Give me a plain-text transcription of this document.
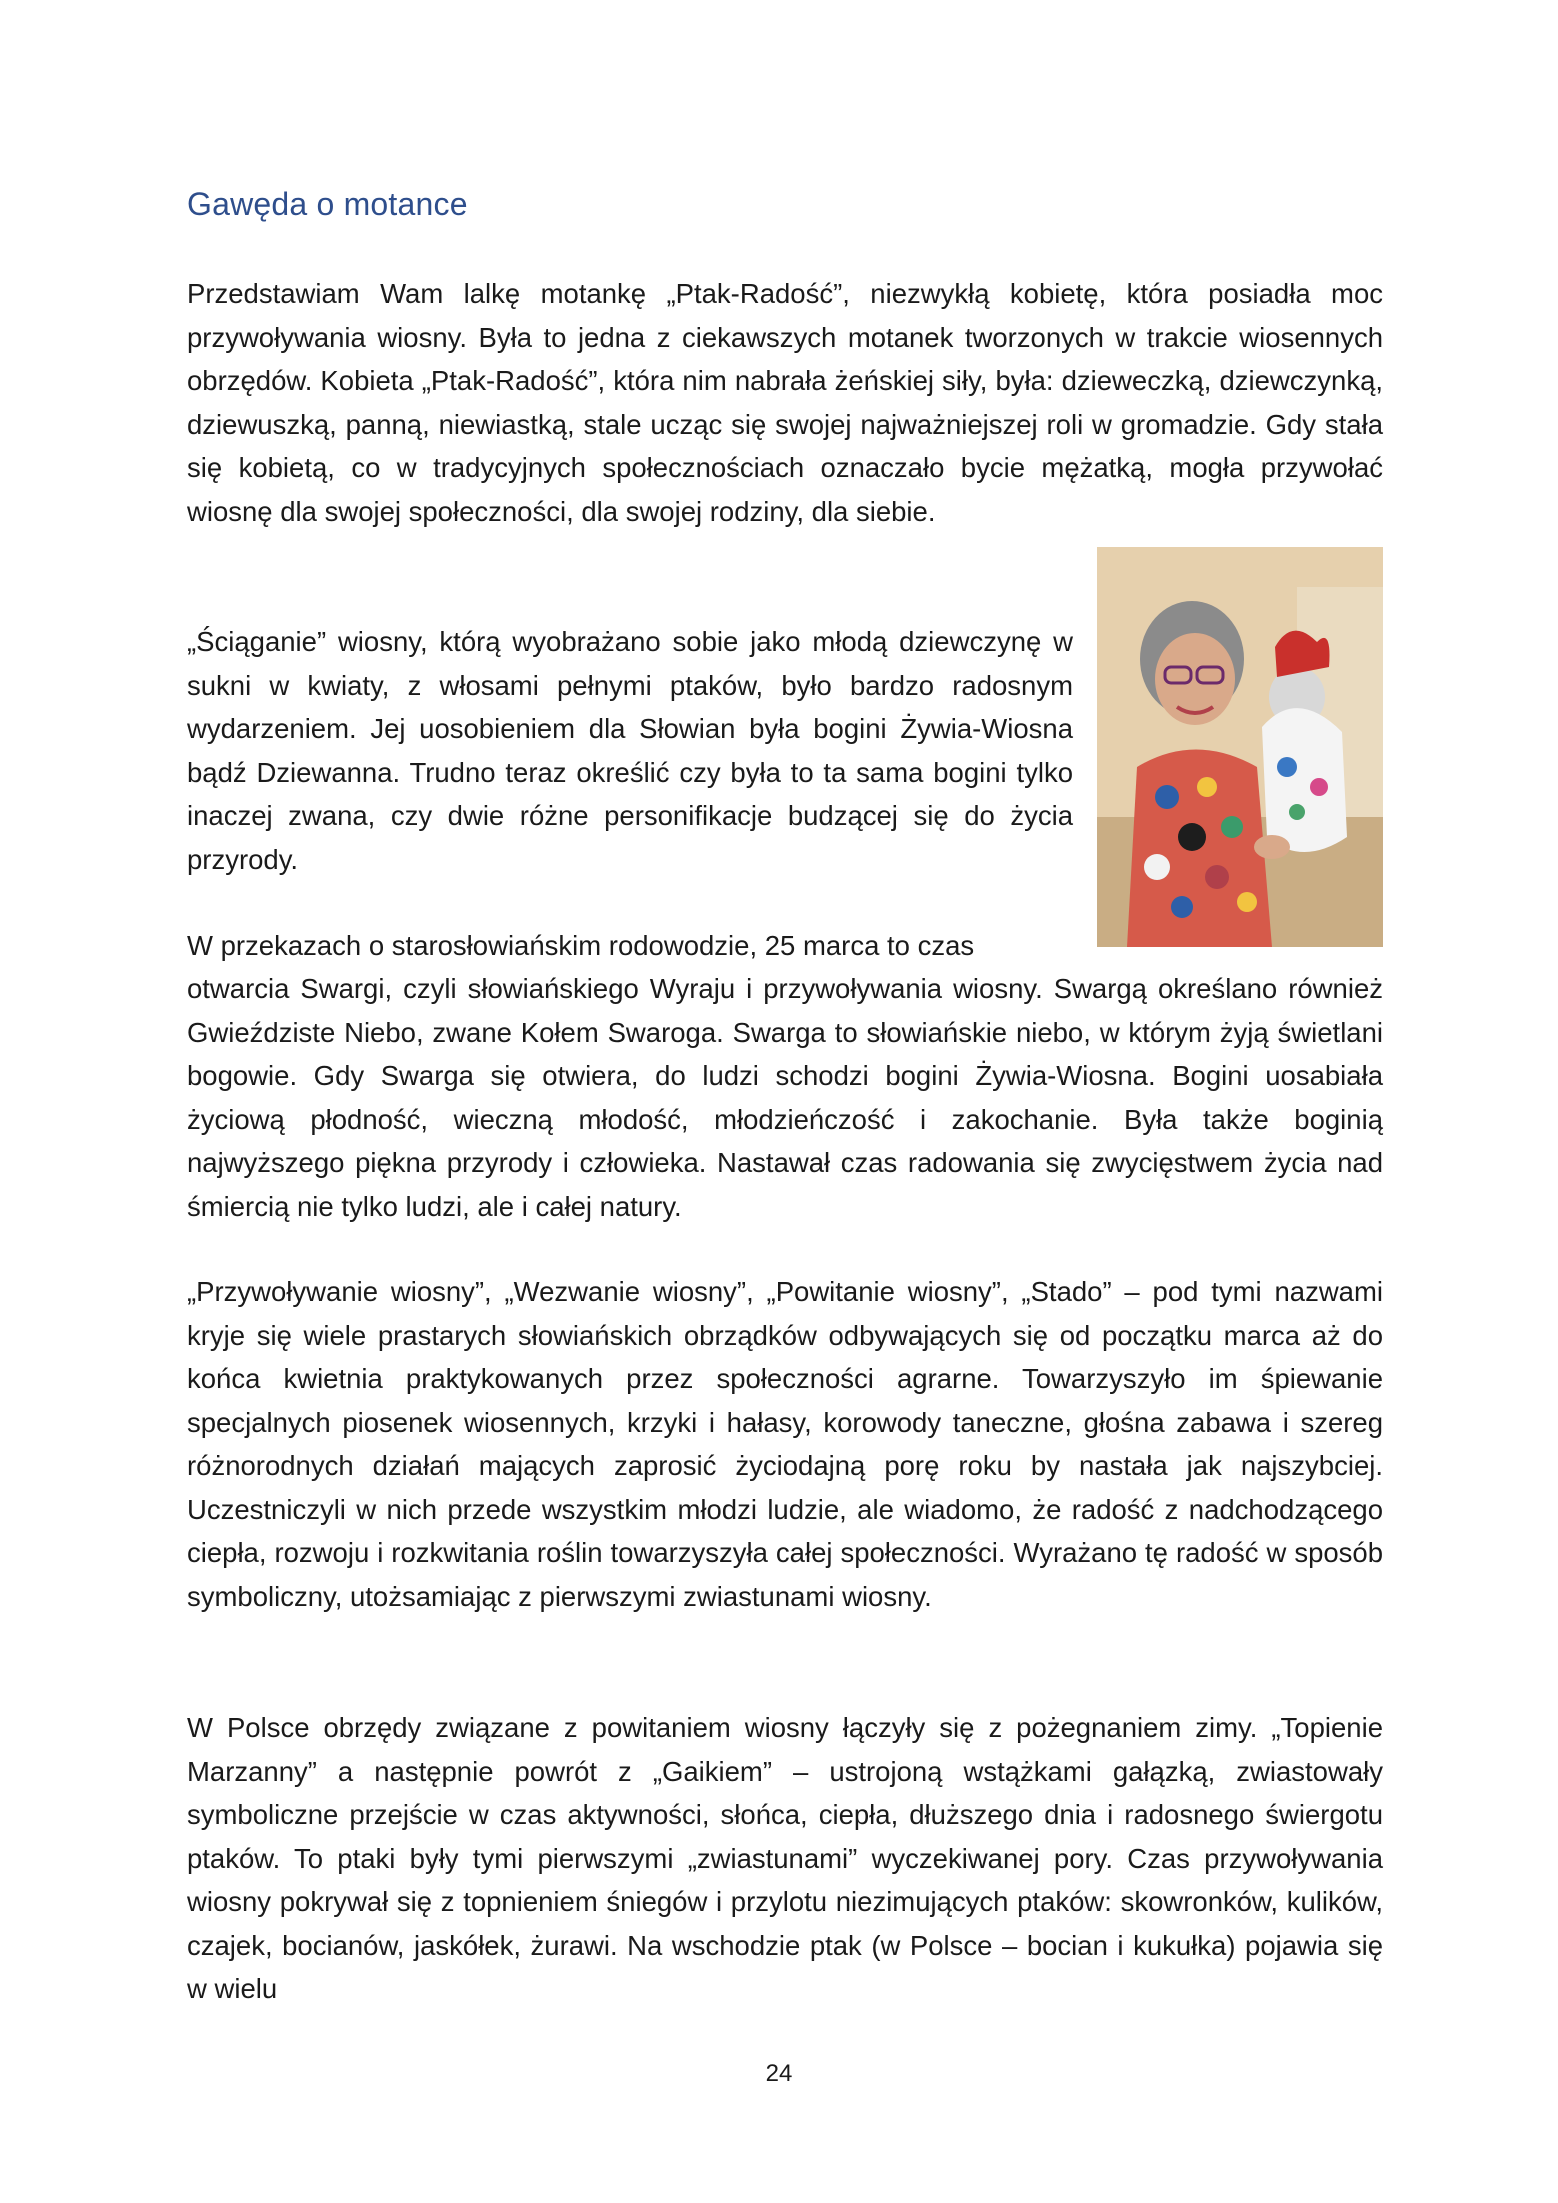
Gawęda o motance

Przedstawiam Wam lalkę motankę „Ptak-Radość”, niezwykłą kobietę, która posiadła moc przywoływania wiosny. Była to jedna z ciekawszych motanek tworzonych w trakcie wiosennych obrzędów. Kobieta „Ptak-Radość”, która nim nabrała żeńskiej siły, była: dzieweczką, dziewczynką, dziewuszką, panną, niewiastką, stale ucząc się swojej najważniejszej roli w gromadzie. Gdy stała się kobietą, co w tradycyjnych społecznościach oznaczało bycie mężatką, mogła przywołać wiosnę dla swojej społeczności, dla swojej rodziny, dla siebie.

„Ściąganie” wiosny, którą wyobrażano sobie jako młodą dziewczynę w sukni w kwiaty, z włosami pełnymi ptaków, było bardzo radosnym wydarzeniem. Jej uosobieniem dla Słowian była bogini Żywia-Wiosna bądź Dziewanna. Trudno teraz określić czy była to ta sama bogini tylko inaczej zwana, czy dwie różne personifikacje budzącej się do życia przyrody.

W przekazach o starosłowiańskim rodowodzie, 25 marca to czas

otwarcia Swargi, czyli słowiańskiego Wyraju i przywoływania wiosny. Swargą określano również Gwieździste Niebo, zwane Kołem Swaroga. Swarga to słowiańskie niebo, w którym żyją świetlani bogowie. Gdy Swarga się otwiera, do ludzi schodzi bogini Żywia-Wiosna. Bogini uosabiała życiową płodność, wieczną młodość, młodzieńczość i zakochanie. Była także boginią najwyższego piękna przyrody i człowieka. Nastawał czas radowania się zwycięstwem życia nad śmiercią nie tylko ludzi, ale i całej natury.

„Przywoływanie wiosny”, „Wezwanie wiosny”, „Powitanie wiosny”, „Stado” – pod tymi nazwami kryje się wiele prastarych słowiańskich obrządków odbywających się od początku marca aż do końca kwietnia praktykowanych przez społeczności agrarne. Towarzyszyło im śpiewanie specjalnych piosenek wiosennych, krzyki i hałasy, korowody taneczne, głośna zabawa i szereg różnorodnych działań mających zaprosić życiodajną porę roku by nastała jak najszybciej. Uczestniczyli w nich przede wszystkim młodzi ludzie, ale wiadomo, że radość z nadchodzącego ciepła, rozwoju i rozkwitania roślin towarzyszyła całej społeczności. Wyrażano tę radość w sposób symboliczny, utożsamiając z pierwszymi zwiastunami wiosny.

W Polsce obrzędy związane z powitaniem wiosny łączyły się z pożegnaniem zimy. „Topienie Marzanny” a następnie powrót z „Gaikiem” – ustrojoną wstążkami gałązką, zwiastowały symboliczne przejście w czas aktywności, słońca, ciepła, dłuższego dnia i radosnego świergotu ptaków. To ptaki były tymi pierwszymi „zwiastunami” wyczekiwanej pory. Czas przywoływania wiosny pokrywał się z topnieniem śniegów i przylotu niezimujących ptaków: skowronków, kulików, czajek, bocianów, jaskółek, żurawi. Na wschodzie ptak (w Polsce – bocian i kukułka) pojawia się w wielu

24
